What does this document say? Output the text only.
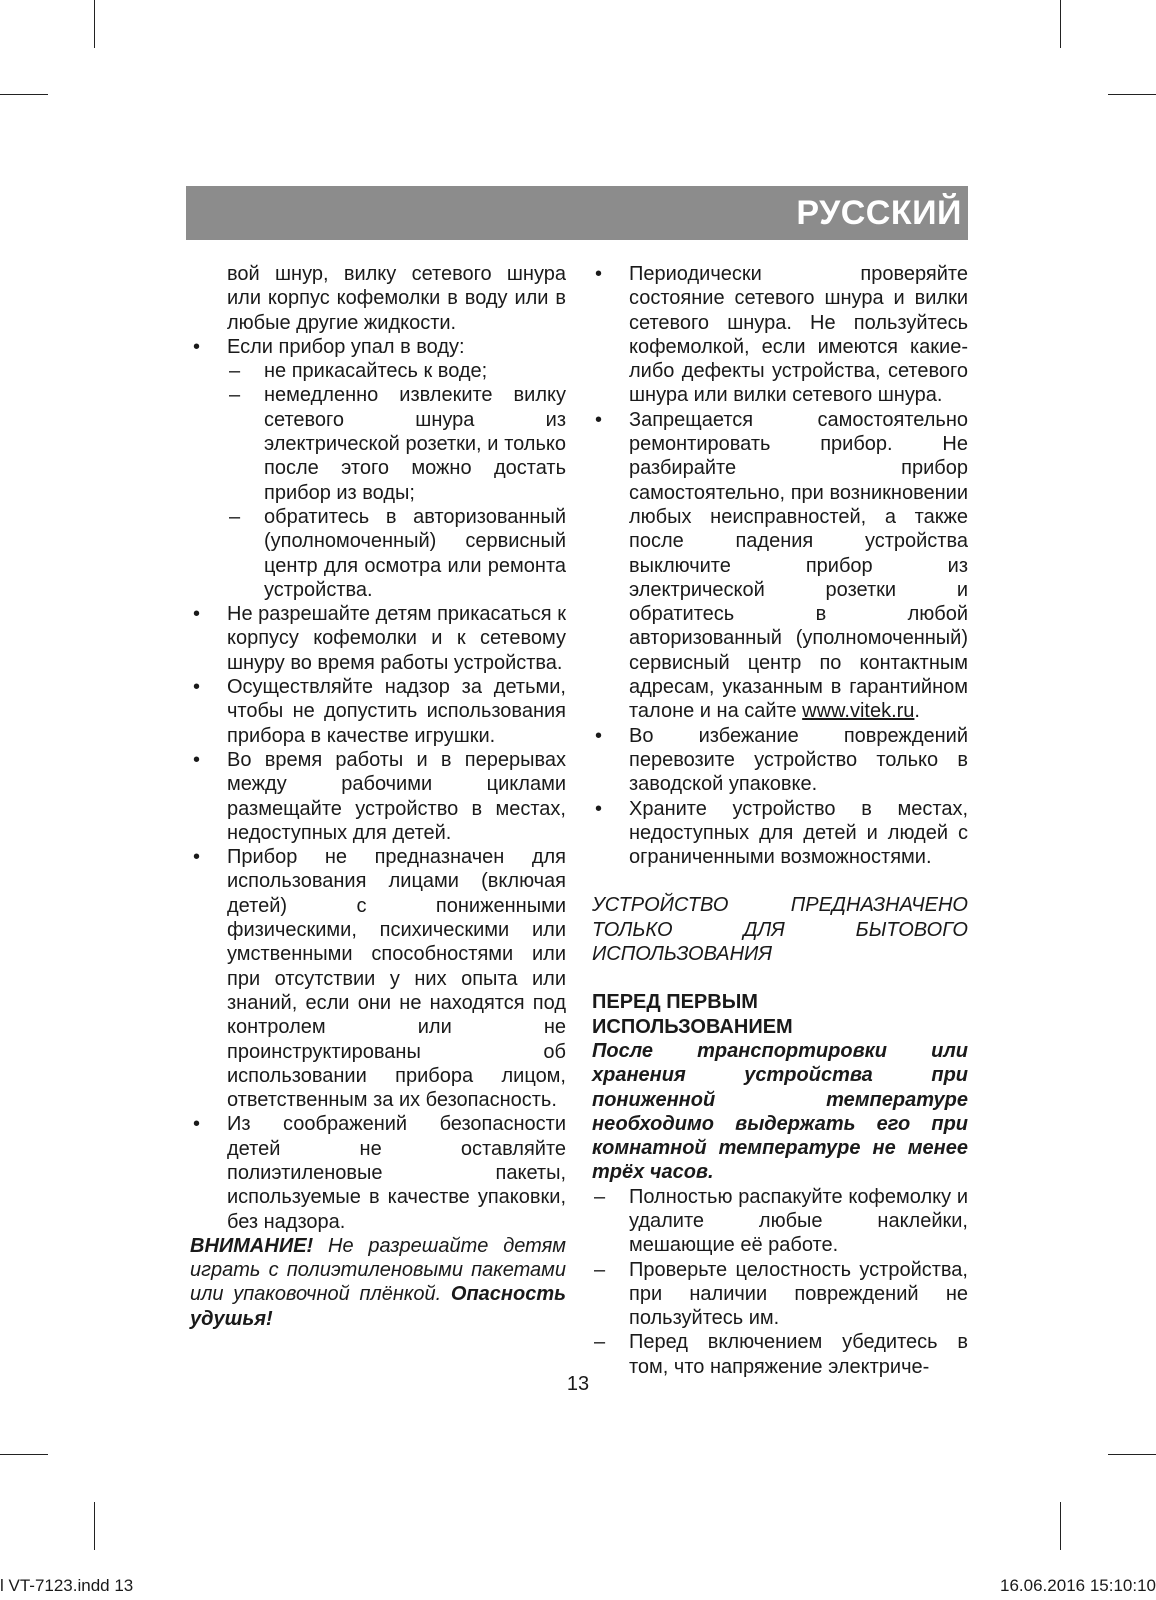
РУССКИЙ

вой шнур, вилку сетевого шнура или корпус кофемолки в воду или в любые другие жидкости.

• Если прибор упал в воду:
– не прикасайтесь к воде;
– немедленно извлеките вилку сетевого шнура из электрической розетки, и только после этого можно достать прибор из воды;
– обратитесь в авторизованный (уполномоченный) сервисный центр для осмотра или ремонта устройства.
• Не разрешайте детям прикасаться к корпусу кофемолки и к сетевому шнуру во время работы устройства.
• Осуществляйте надзор за детьми, чтобы не допустить использования прибора в качестве игрушки.
• Во время работы и в перерывах между рабочими циклами размещайте устройство в местах, недоступных для детей.
• Прибор не предназначен для использования лицами (включая детей) с пониженными физическими, психическими или умственными способностями или при отсутствии у них опыта или знаний, если они не находятся под контролем или не проинструктированы об использовании прибора лицом, ответственным за их безопасность.
• Из соображений безопасности детей не оставляйте полиэтиленовые пакеты, используемые в качестве упаковки, без надзора.

ВНИМАНИЕ! Не разрешайте детям играть с полиэтиленовыми пакетами или упаковочной плёнкой. Опасность удушья!

• Периодически проверяйте состояние сетевого шнура и вилки сетевого шнура. Не пользуйтесь кофемолкой, если имеются какие-либо дефекты устройства, сетевого шнура или вилки сетевого шнура.
• Запрещается самостоятельно ремонтировать прибор. Не разбирайте прибор самостоятельно, при возникновении любых неисправностей, а также после падения устройства выключите прибор из электрической розетки и обратитесь в любой авторизованный (уполномоченный) сервисный центр по контактным адресам, указанным в гарантийном талоне и на сайте www.vitek.ru.
• Во избежание повреждений перевозите устройство только в заводской упаковке.
• Храните устройство в местах, недоступных для детей и людей с ограниченными возможностями.

УСТРОЙСТВО ПРЕДНАЗНАЧЕНО ТОЛЬКО ДЛЯ БЫТОВОГО ИСПОЛЬЗОВАНИЯ

ПЕРЕД ПЕРВЫМ
ИСПОЛЬЗОВАНИЕМ

После транспортировки или хранения устройства при пониженной температуре необходимо выдержать его при комнатной температуре не менее трёх часов.

– Полностью распакуйте кофемолку и удалите любые наклейки, мешающие её работе.
– Проверьте целостность устройства, при наличии повреждений не пользуйтесь им.
– Перед включением убедитесь в том, что напряжение электриче-
13
l VT-7123.indd 13	16.06.2016 15:10:10
